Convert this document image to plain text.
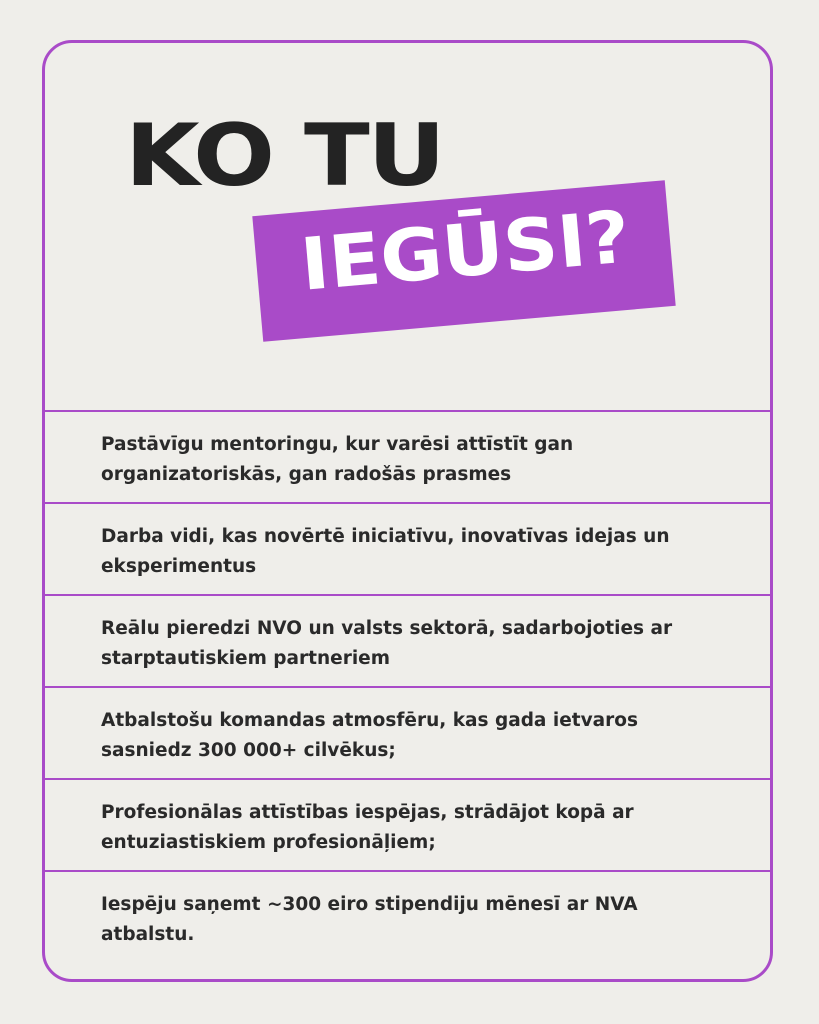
KO TU
IEGŪSI?
Pastāvīgu mentoringu, kur varēsi attīstīt gan organizatoriskās, gan radošās prasmes
Darba vidi, kas novērtē iniciatīvu, inovatīvas idejas un eksperimentus
Reālu pieredzi NVO un valsts sektorā, sadarbojoties ar starptautiskiem partneriem
Atbalstošu komandas atmosfēru, kas gada ietvaros sasniedz 300 000+ cilvēkus;
Profesionālas attīstības iespējas, strādājot kopā ar entuziastiskiem profesionāļiem;
Iespēju saņemt ~300 eiro stipendiju mēnesī ar NVA atbalstu.
